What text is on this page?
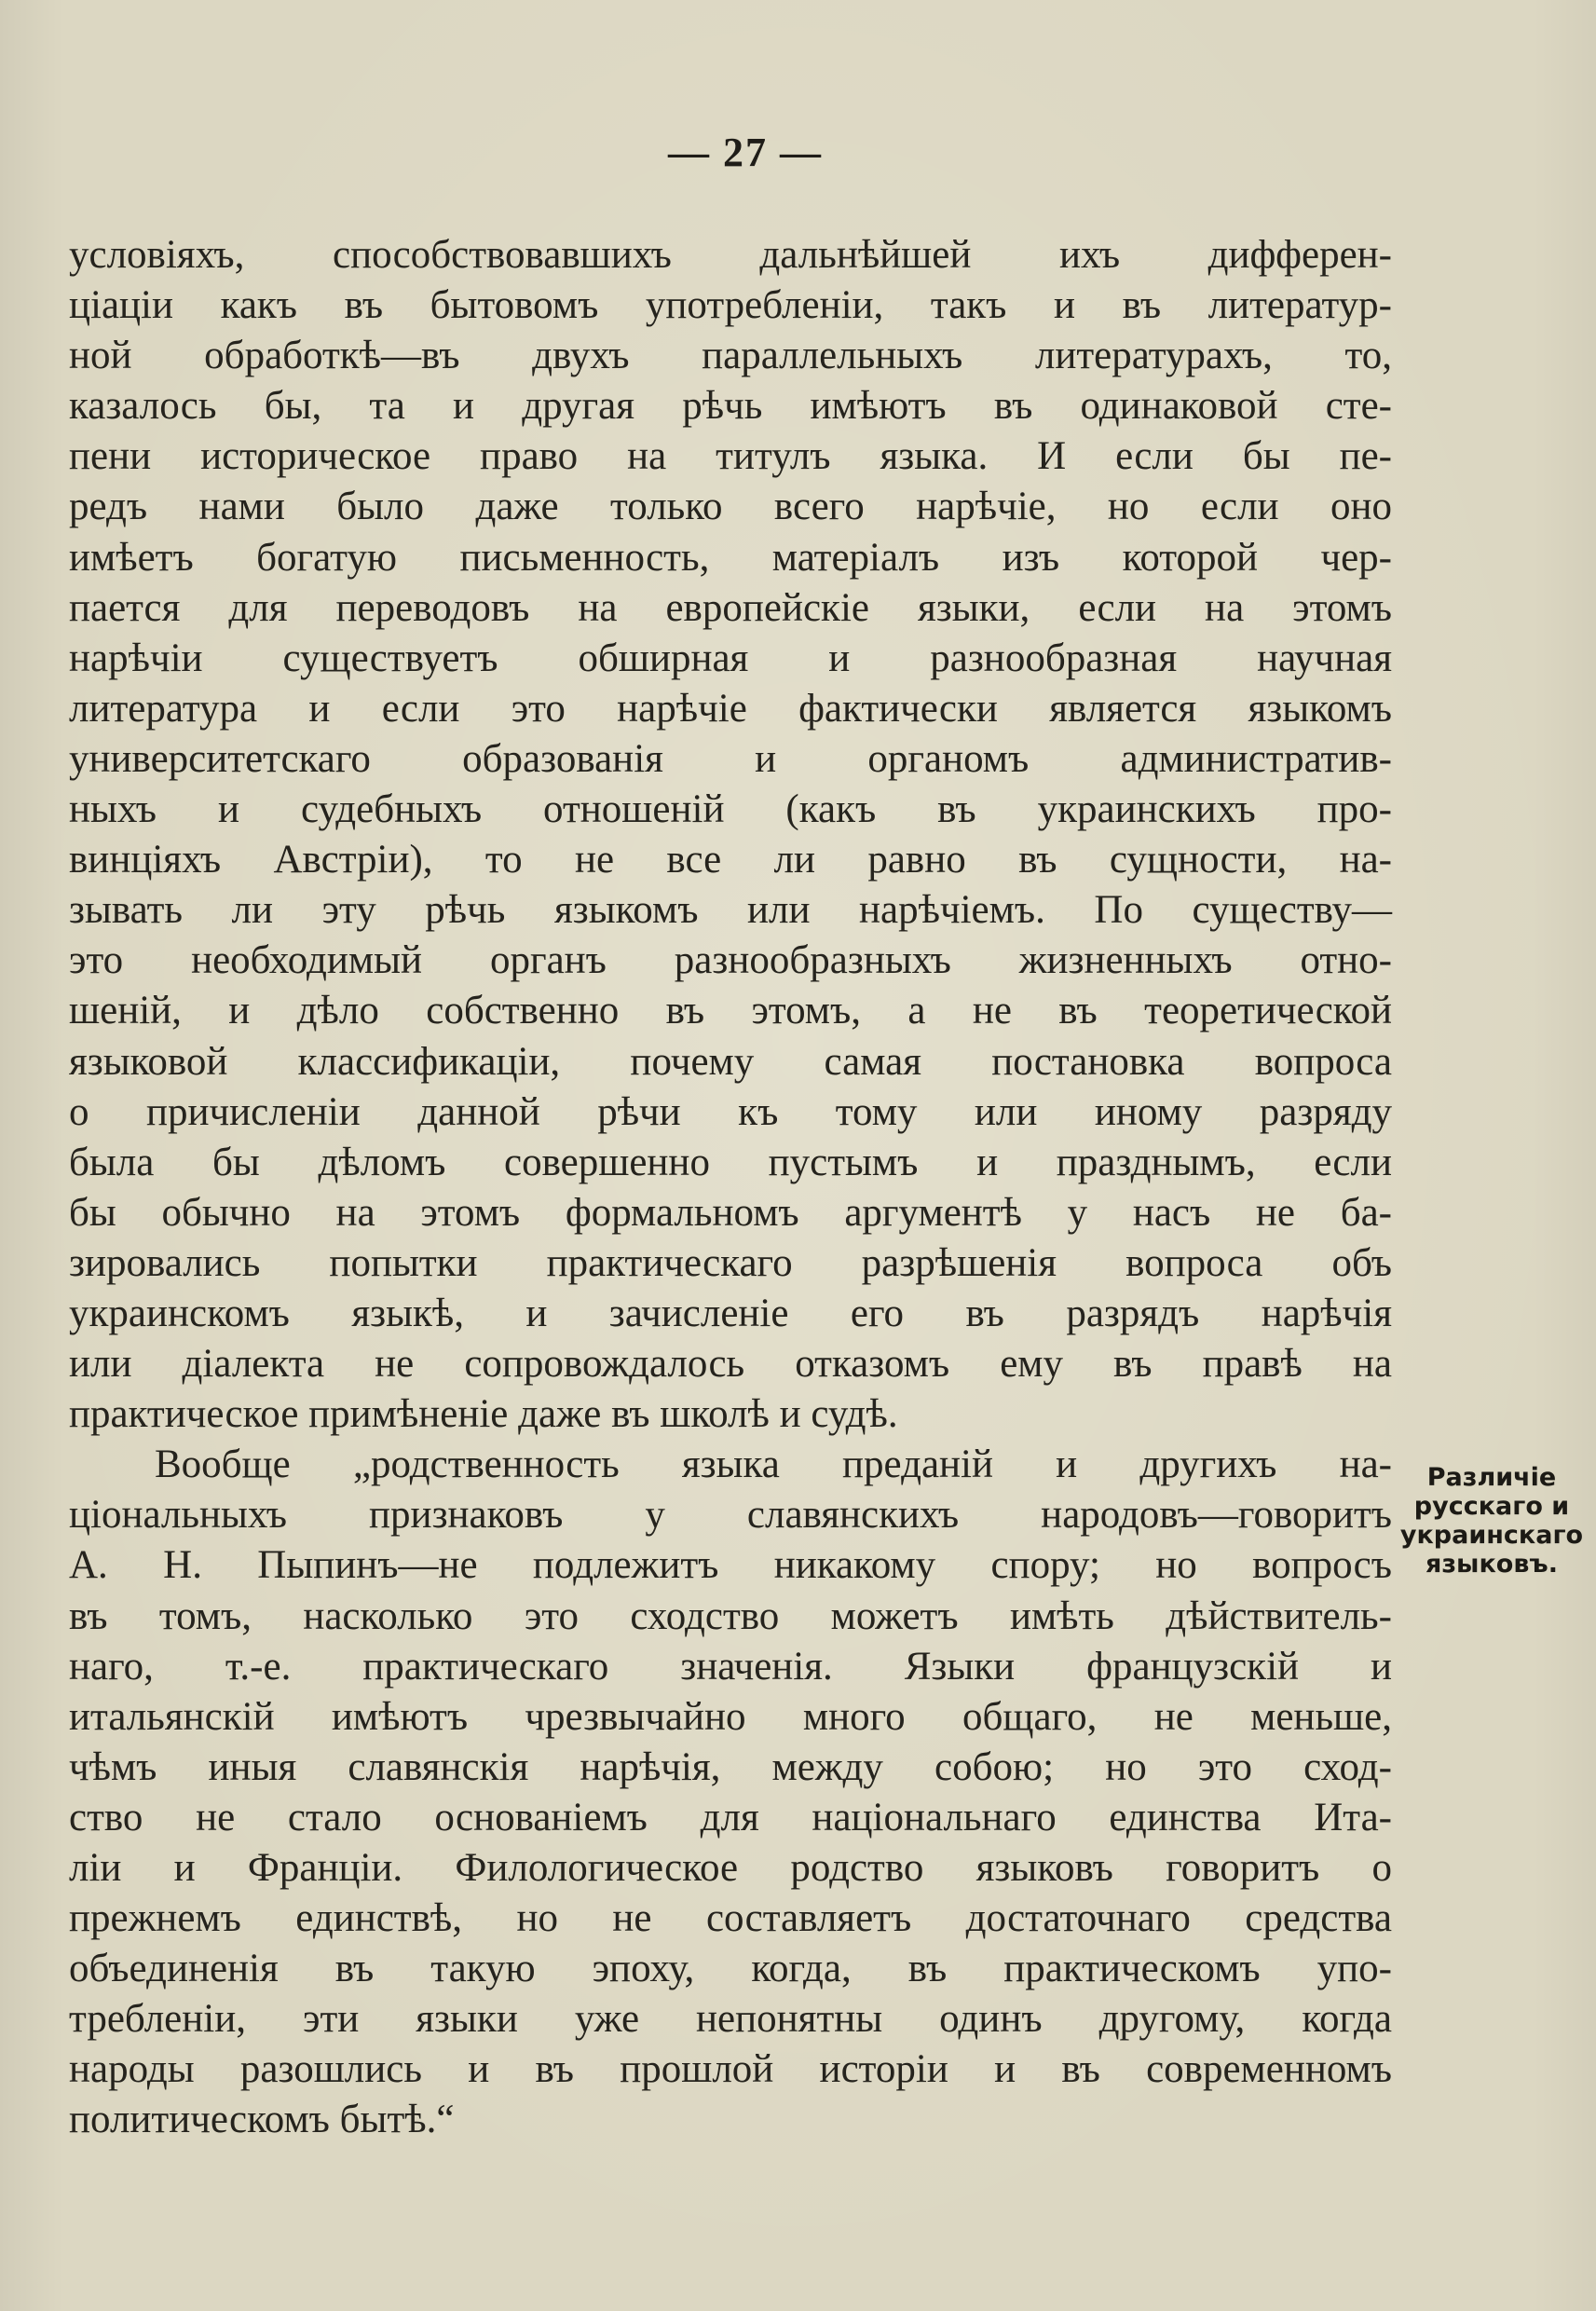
— 27 —
условіяхъ, способствовавшихъ дальнѣйшей ихъ дифферен-
ціаціи какъ въ бытовомъ употребленіи, такъ и въ литератур-
ной обработкѣ—въ двухъ параллельныхъ литературахъ, то,
казалось бы, та и другая рѣчь имѣютъ въ одинаковой сте-
пени историческое право на титулъ языка. И если бы пе-
редъ нами было даже только всего нарѣчіе, но если оно
имѣетъ богатую письменность, матеріалъ изъ которой чер-
пается для переводовъ на европейскіе языки, если на этомъ
нарѣчіи существуетъ обширная и разнообразная научная
литература и если это нарѣчіе фактически является языкомъ
университетскаго образованія и органомъ административ-
ныхъ и судебныхъ отношеній (какъ въ украинскихъ про-
винціяхъ Австріи), то не все ли равно въ сущности, на-
зывать ли эту рѣчь языкомъ или нарѣчіемъ. По существу—
это необходимый органъ разнообразныхъ жизненныхъ отно-
шеній, и дѣло собственно въ этомъ, а не въ теоретической
языковой классификаціи, почему самая постановка вопроса
о причисленіи данной рѣчи къ тому или иному разряду
была бы дѣломъ совершенно пустымъ и празднымъ, если
бы обычно на этомъ формальномъ аргументѣ у насъ не ба-
зировались попытки практическаго разрѣшенія вопроса объ
украинскомъ языкѣ, и зачисленіе его въ разрядъ нарѣчія
или діалекта не сопровождалось отказомъ ему въ правѣ на
практическое примѣненіе даже въ школѣ и судѣ.
Вообще „родственность языка преданій и другихъ на-
ціональныхъ признаковъ у славянскихъ народовъ—говоритъ
А. Н. Пыпинъ—не подлежитъ никакому спору; но вопросъ
въ томъ, насколько это сходство можетъ имѣть дѣйствитель-
наго, т.-е. практическаго значенія. Языки французскій и
итальянскій имѣютъ чрезвычайно много общаго, не меньше,
чѣмъ иныя славянскія нарѣчія, между собою; но это сход-
ство не стало основаніемъ для національнаго единства Ита-
ліи и Франціи. Филологическое родство языковъ говоритъ о
прежнемъ единствѣ, но не составляетъ достаточнаго средства
объединенія въ такую эпоху, когда, въ практическомъ упо-
требленіи, эти языки уже непонятны одинъ другому, когда
народы разошлись и въ прошлой исторіи и въ современномъ
политическомъ бытѣ.“
Различіе
русскаго и
украинскаго
языковъ.
